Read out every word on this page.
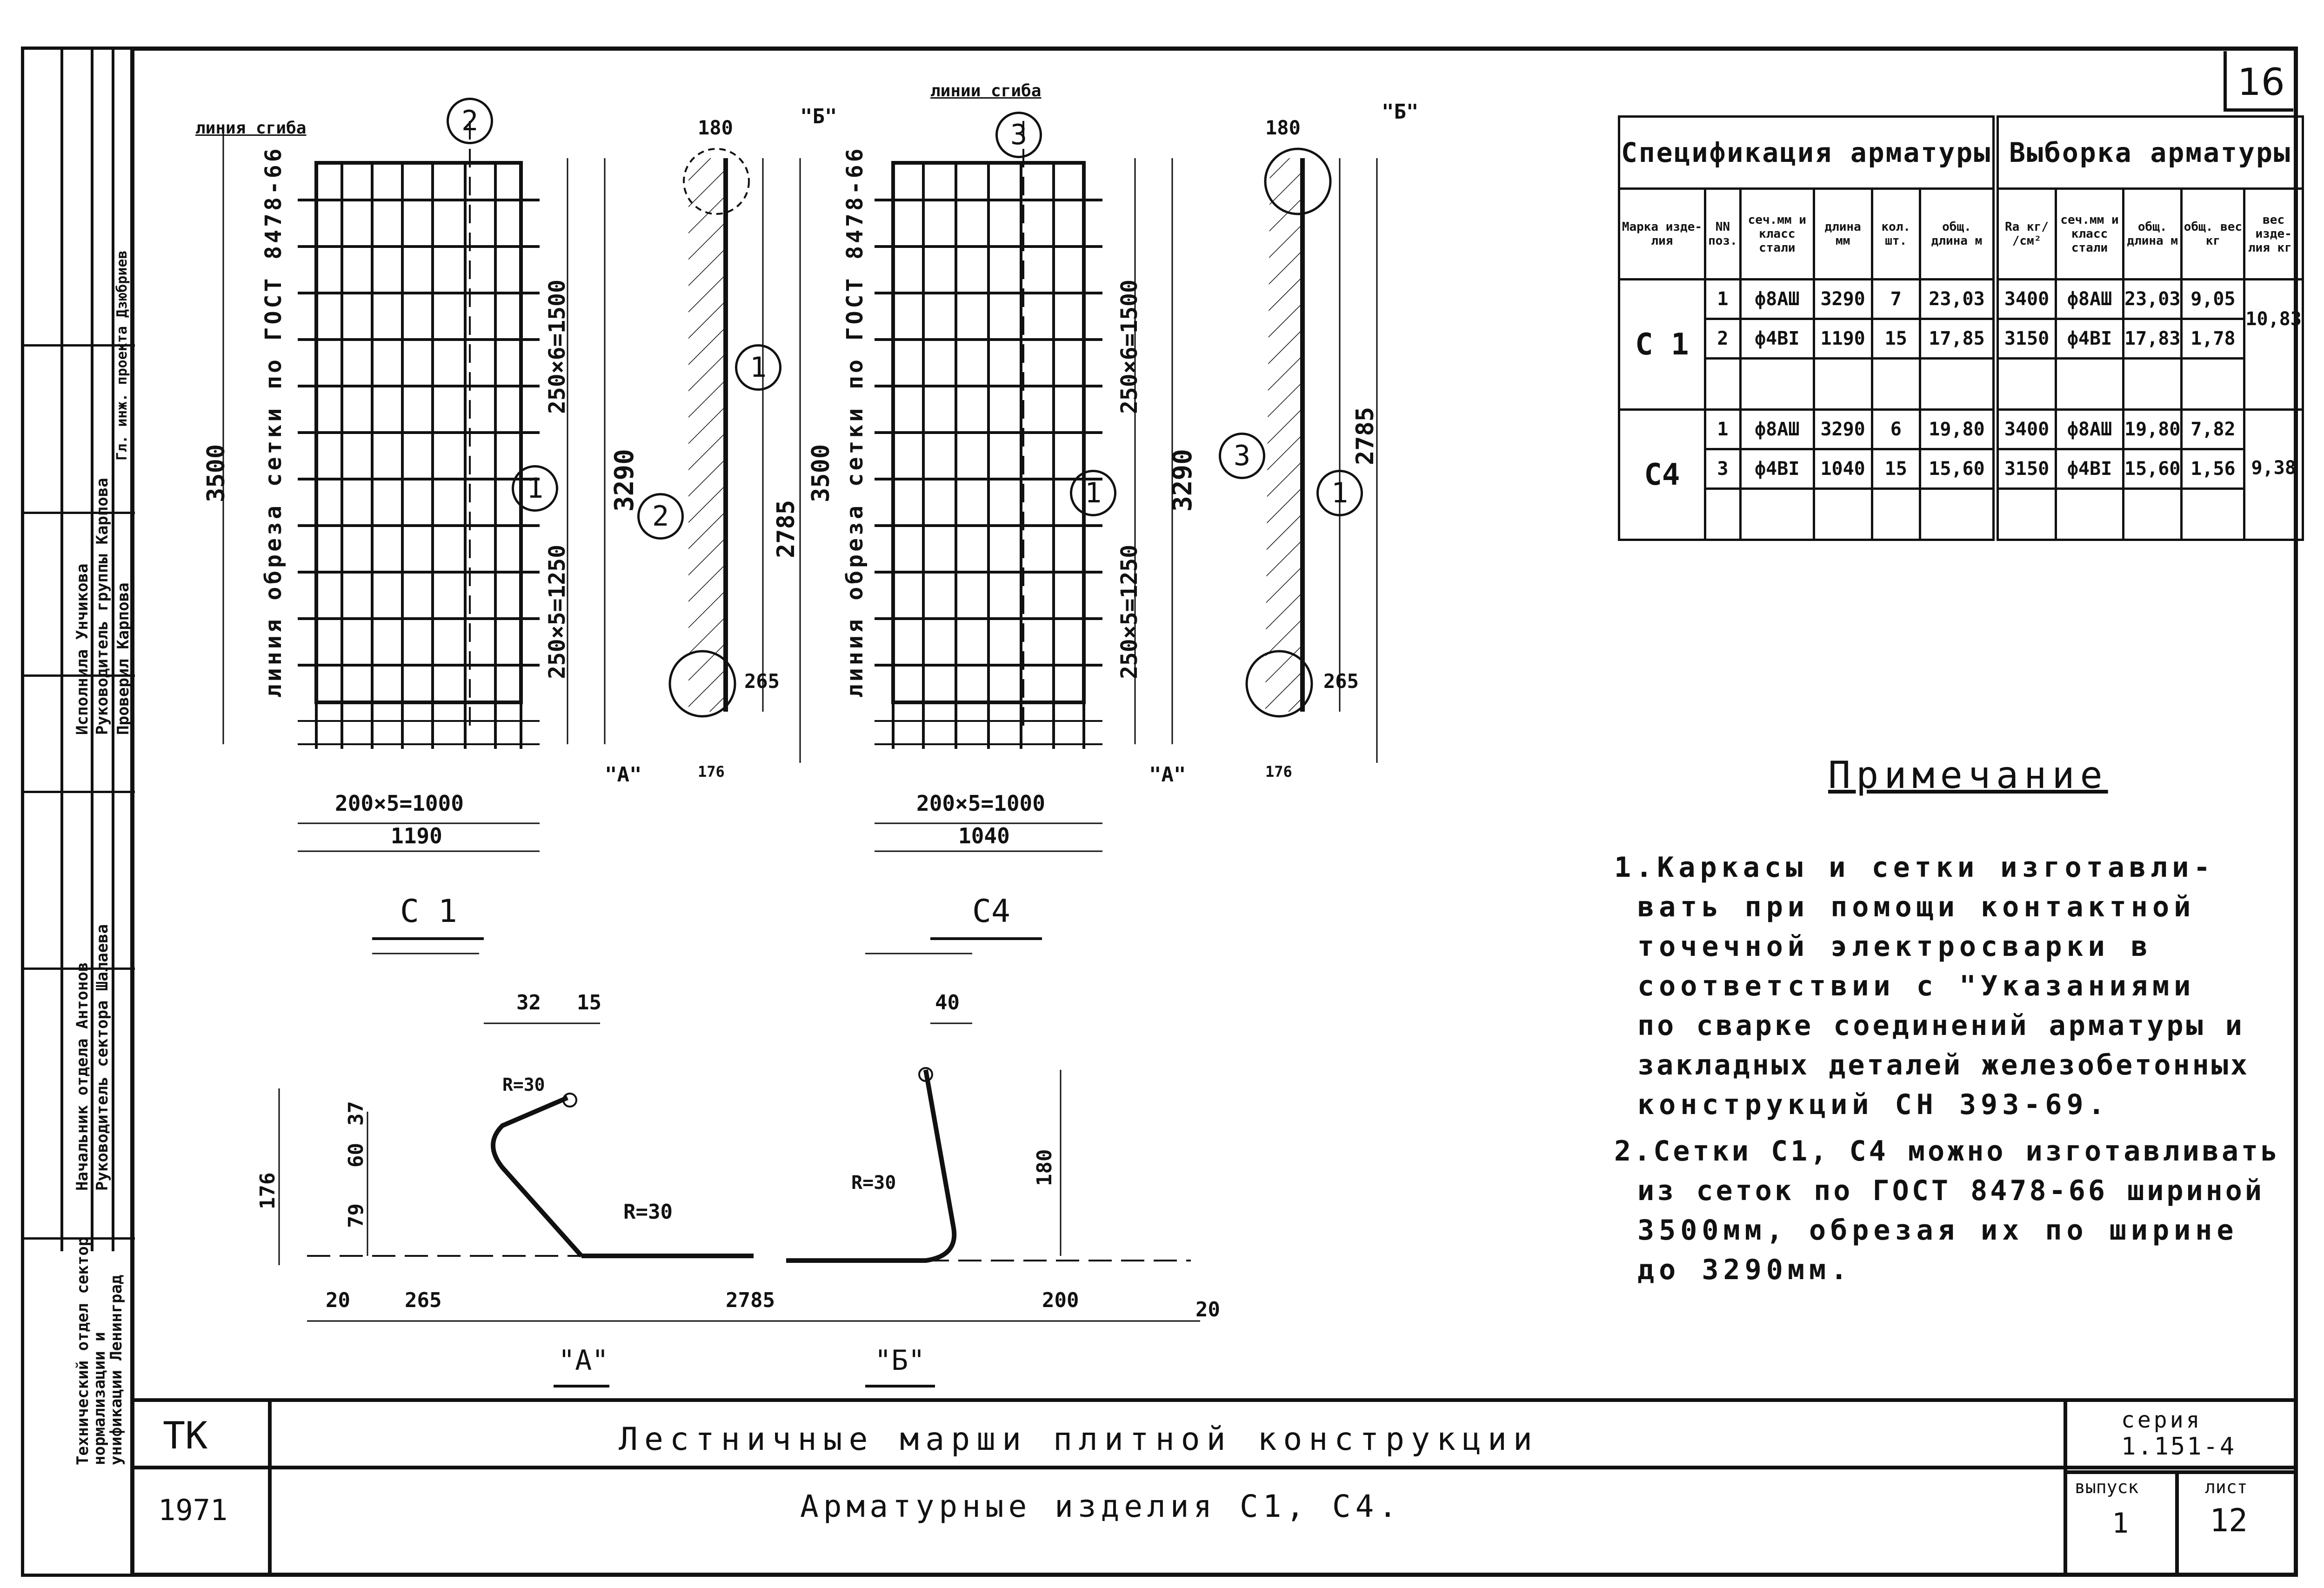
16
Руководитель сектора Шалаева
Начальник отдела Антонов
Руководитель группы Карпова
Исполнила Унчикова
Проверил Карпова
Гл. инж. проекта Дзюбриев
Технический отдел сектор нормализации и унификации Ленинград
линия сгиба
линии сгиба
линия обреза сетки по ГОСТ 8478-66	линия обреза сетки по ГОСТ 8478-66
3500	3290
2785
250×6=1500
250×5=1250
200×5=1000
1190
265
176
180
3500	3290
2785
250×6=1500
250×5=1250
200×5=1000
1040
265
176
180
"А"
"Б"
"А"
"Б"
С 1	С4
"А"	"Б"
2
1
2
1
3
1
3
1
32 15
37
60
79
176
R=30
R=30
20	265	2785	200	20
40
180
R=30
Спецификация арматуры						Выборка арматуры				
Марка изде- лия	NN поз.	сеч.мм и класс стали	длина мм	кол. шт.	общ. длина м	Ra кг/ /см²	сеч.мм и класс стали	общ. длина м	общ. вес кг	вес изде- лия кг.
С 1	1	ф8АШ	3290	7	23,03	3400	ф8АШ	23,03	9,05	10,83
	2	ф4ВI	1190	15	17,85	3150	ф4ВI	17,83	1,78	

С4	1	ф8АШ	3290	6	19,80	3400	ф8АШ	19,80	7,82	9,38
	3	ф4ВI	1040	15	15,60	3150	ф4ВI	15,60	1,56	

Примечание
1.Каркасы и сетки изготавли-
вать при помощи контактной
точечной электросварки в
соответствии с "Указаниями
по сварке соединений арматуры и
закладных деталей железобетонных
конструкций СН 393-69.
2.Сетки С1, С4 можно изготавливать
из сеток по ГОСТ 8478-66 шириной
3500мм, обрезая их по ширине
до 3290мм.
ТК
1971
Лестничные марши плитной конструкции
Арматурные изделия С1, С4.
серия
1.151-4
выпуск
1
лист
12
